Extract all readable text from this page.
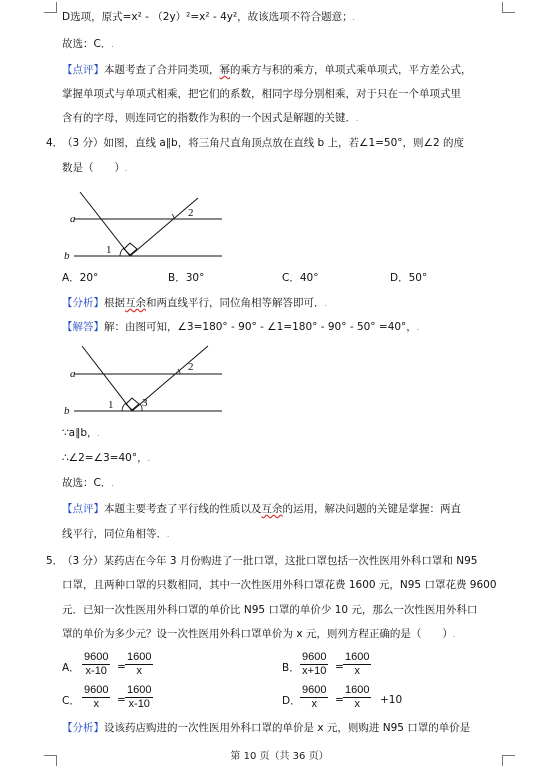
D选项，原式=x² - （2y）²=x² - 4y²，故该选项不符合题意；.
故选：C．.
【点评】本题考查了合并同类项，幂的乘方与积的乘方，单项式乘单项式，平方差公式，
掌握单项式与单项式相乘，把它们的系数，相同字母分别相乘，对于只在一个单项式里
含有的字母，则连同它的指数作为积的一个因式是解题的关键．.
4．
（3 分）如图，直线 a∥b，将三角尺直角顶点放在直线 b 上，若∠1=50°，则∠2 的度
数是（　　）.
a
b	1
2
A．20°	B．30°	C．40°	D．50°
【分析】根据互余和两直线平行，同位角相等解答即可．.
【解答】解：由图可知，∠3=180° - 90° - ∠1=180° - 90° - 50° =40°，.
a
b	1
2
3
∵a∥b，.
∴∠2=∠3=40°，.
故选：C．.
【点评】本题主要考查了平行线的性质以及互余的运用，解决问题的关键是掌握：两直
线平行，同位角相等．.
5．
（3 分）某药店在今年 3 月份购进了一批口罩，这批口罩包括一次性医用外科口罩和 N95
口罩，且两种口罩的只数相同，其中一次性医用外科口罩花费 1600 元，N95 口罩花费 9600
元．已知一次性医用外科口罩的单价比 N95 口罩的单价少 10 元，那么一次性医用外科口
罩的单价为多少元？设一次性医用外科口罩单价为 x 元，则列方程正确的是（　　）.
A． $\frac{9600}{x-10} = \frac{1600}{x}$	B． $\frac{9600}{x+10} = \frac{1600}{x}$
C． $\frac{9600}{x} = \frac{1600}{x-10}$	D． $\frac{9600}{x} = \frac{1600}{x} +10$
【分析】设该药店购进的一次性医用外科口罩的单价是 x 元，则购进 N95 口罩的单价是
第 10 页（共 36 页）
